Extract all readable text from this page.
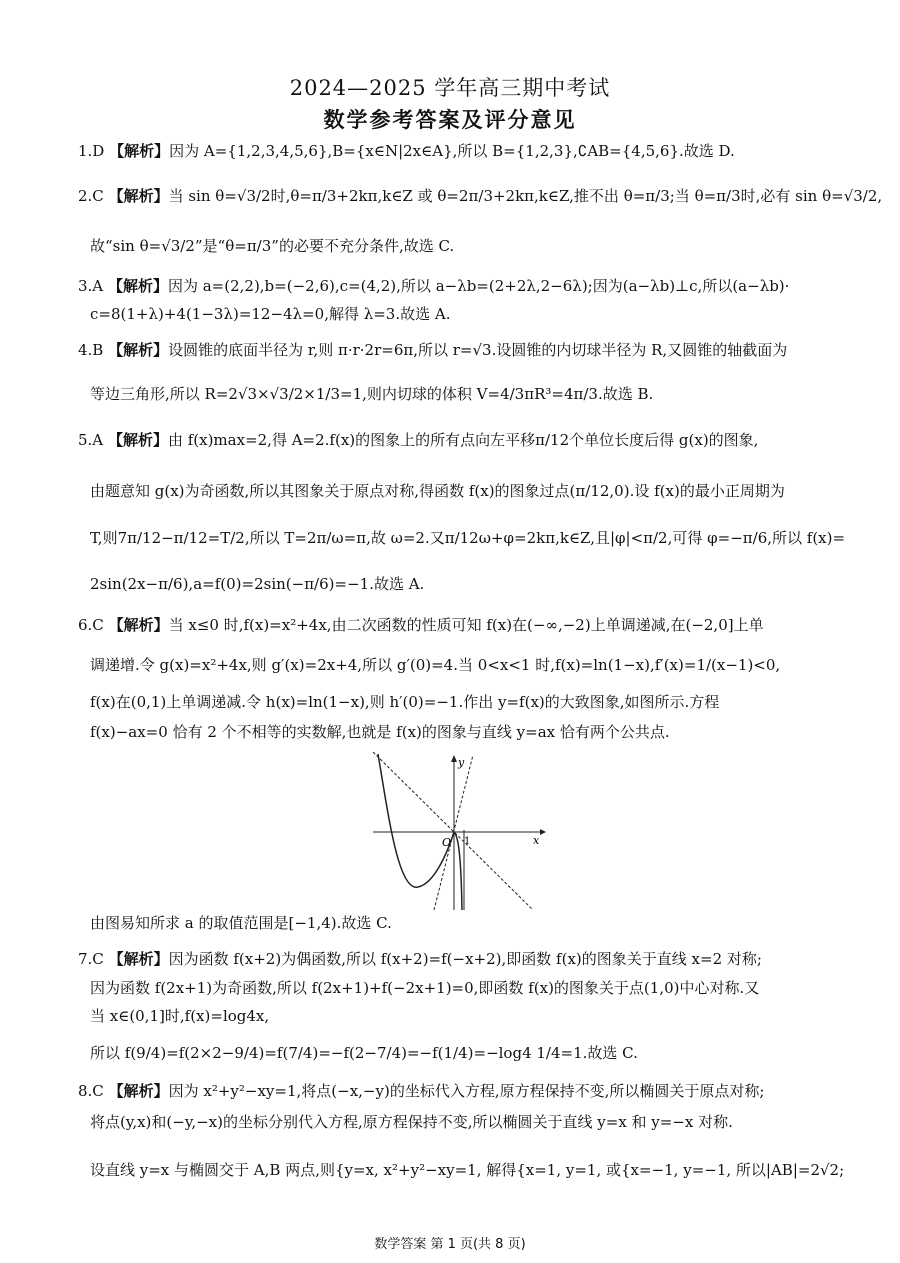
2024—2025 学年高三期中考试
数学参考答案及评分意见
1.D 【解析】因为 A={1,2,3,4,5,6},B={x∈N|2x∈A},所以 B={1,2,3},∁AB={4,5,6}.故选 D.
2.C 【解析】当 sin θ=√3/2时,θ=π/3+2kπ,k∈Z 或 θ=2π/3+2kπ,k∈Z,推不出 θ=π/3;当 θ=π/3时,必有 sin θ=√3/2,
故“sin θ=√3/2”是“θ=π/3”的必要不充分条件,故选 C.
3.A 【解析】因为 a=(2,2),b=(−2,6),c=(4,2),所以 a−λb=(2+2λ,2−6λ);因为(a−λb)⊥c,所以(a−λb)·
c=8(1+λ)+4(1−3λ)=12−4λ=0,解得 λ=3.故选 A.
4.B 【解析】设圆锥的底面半径为 r,则 π·r·2r=6π,所以 r=√3.设圆锥的内切球半径为 R,又圆锥的轴截面为
等边三角形,所以 R=2√3×√3/2×1/3=1,则内切球的体积 V=4/3πR³=4π/3.故选 B.
5.A 【解析】由 f(x)max=2,得 A=2.f(x)的图象上的所有点向左平移π/12个单位长度后得 g(x)的图象,
由题意知 g(x)为奇函数,所以其图象关于原点对称,得函数 f(x)的图象过点(π/12,0).设 f(x)的最小正周期为
T,则7π/12−π/12=T/2,所以 T=2π/ω=π,故 ω=2.又π/12ω+φ=2kπ,k∈Z,且|φ|<π/2,可得 φ=−π/6,所以 f(x)=
2sin(2x−π/6),a=f(0)=2sin(−π/6)=−1.故选 A.
6.C 【解析】当 x≤0 时,f(x)=x²+4x,由二次函数的性质可知 f(x)在(−∞,−2)上单调递减,在(−2,0]上单
调递增.令 g(x)=x²+4x,则 g′(x)=2x+4,所以 g′(0)=4.当 0<x<1 时,f(x)=ln(1−x),f′(x)=1/(x−1)<0,
f(x)在(0,1)上单调递减.令 h(x)=ln(1−x),则 h′(0)=−1.作出 y=f(x)的大致图象,如图所示.方程
f(x)−ax=0 恰有 2 个不相等的实数解,也就是 f(x)的图象与直线 y=ax 恰有两个公共点.
x
y
O 1
由图易知所求 a 的取值范围是[−1,4).故选 C.
7.C 【解析】因为函数 f(x+2)为偶函数,所以 f(x+2)=f(−x+2),即函数 f(x)的图象关于直线 x=2 对称;
因为函数 f(2x+1)为奇函数,所以 f(2x+1)+f(−2x+1)=0,即函数 f(x)的图象关于点(1,0)中心对称.又
当 x∈(0,1]时,f(x)=log4x,
所以 f(9/4)=f(2×2−9/4)=f(7/4)=−f(2−7/4)=−f(1/4)=−log4 1/4=1.故选 C.
8.C 【解析】因为 x²+y²−xy=1,将点(−x,−y)的坐标代入方程,原方程保持不变,所以椭圆关于原点对称;
将点(y,x)和(−y,−x)的坐标分别代入方程,原方程保持不变,所以椭圆关于直线 y=x 和 y=−x 对称.
设直线 y=x 与椭圆交于 A,B 两点,则{y=x, x²+y²−xy=1, 解得{x=1, y=1, 或{x=−1, y=−1, 所以|AB|=2√2;
数学答案 第 1 页(共 8 页)
